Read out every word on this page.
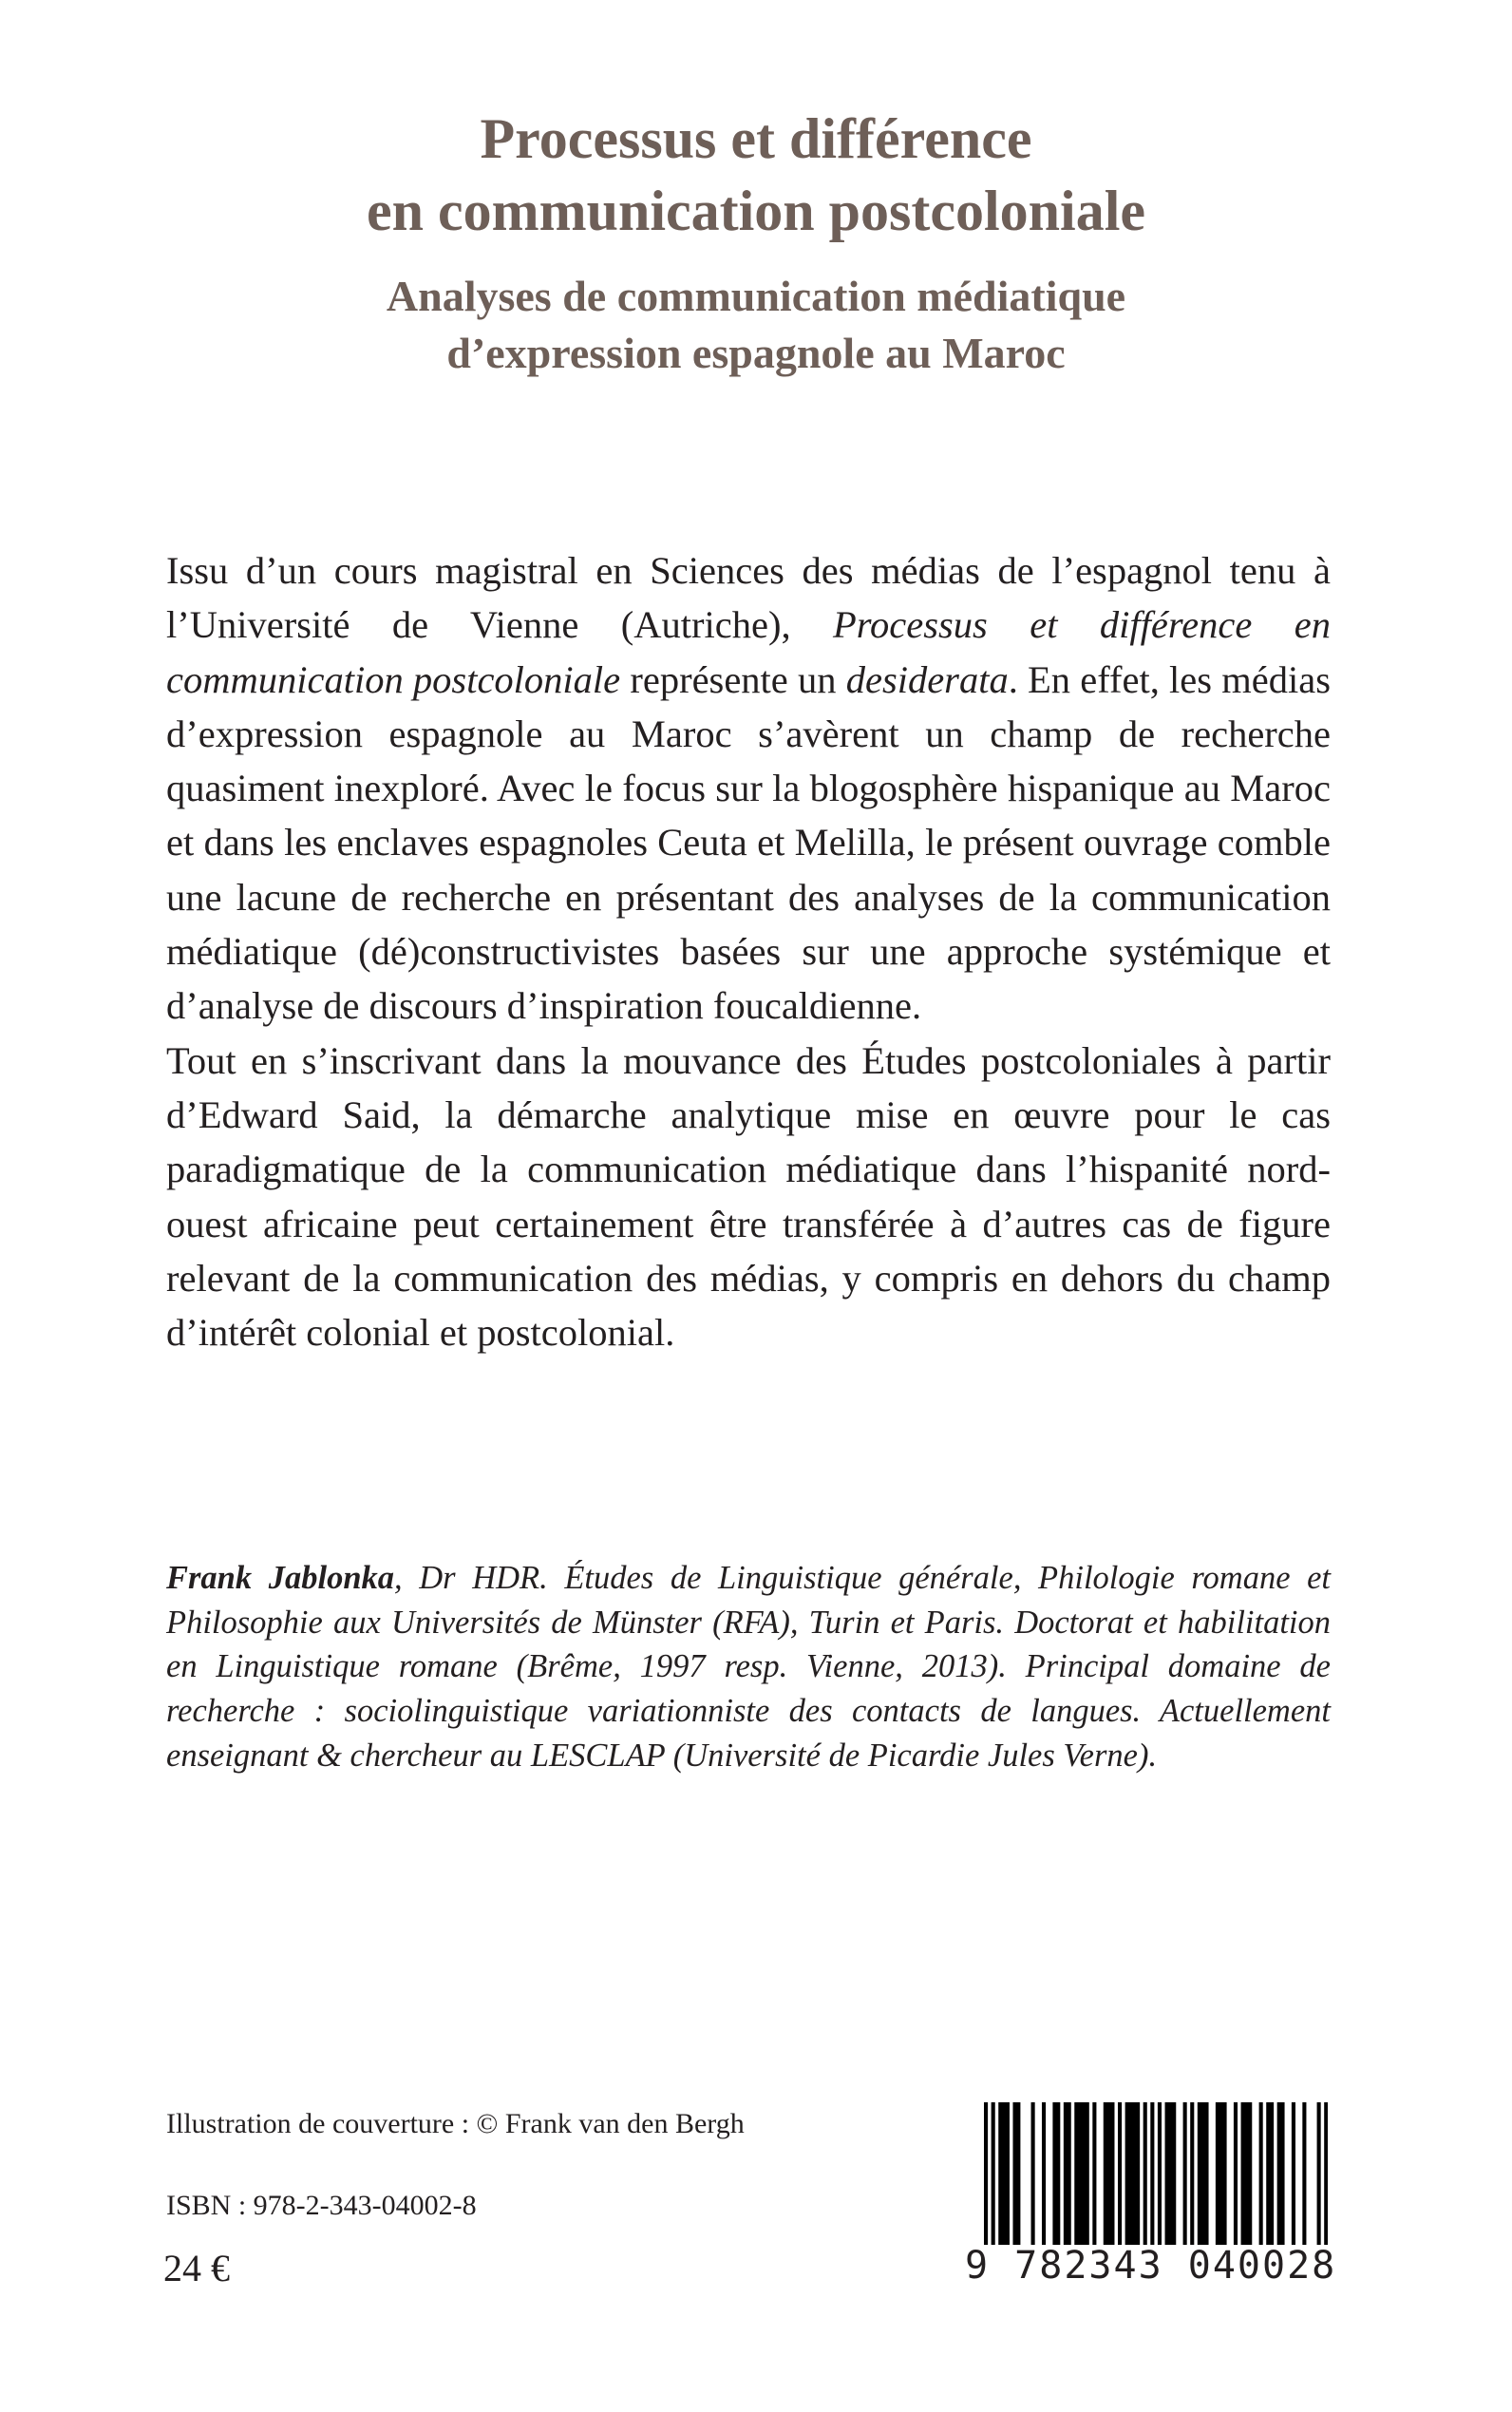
Processus et différence
en communication postcoloniale
Analyses de communication médiatique
d’expression espagnole au Maroc

Issu d’un cours magistral en Sciences des médias de l’espagnol tenu à l’Université de Vienne (Autriche), Processus et différence en communication postcoloniale représente un desiderata. En effet, les médias d’expression espagnole au Maroc s’avèrent un champ de recherche quasiment inexploré. Avec le focus sur la blogosphère hispanique au Maroc et dans les enclaves espagnoles Ceuta et Melilla, le présent ouvrage comble une lacune de recherche en présentant des analyses de la communication médiatique (dé)constructivistes basées sur une approche systémique et d’analyse de discours d’inspiration foucaldienne.

Tout en s’inscrivant dans la mouvance des Études postcoloniales à partir d’Edward Said, la démarche analytique mise en œuvre pour le cas paradigmatique de la communication médiatique dans l’hispanité nord-ouest africaine peut certainement être transférée à d’autres cas de figure relevant de la communication des médias, y compris en dehors du champ d’intérêt colonial et postcolonial.

Frank Jablonka, Dr HDR. Études de Linguistique générale, Philologie romane et Philosophie aux Universités de Münster (RFA), Turin et Paris. Doctorat et habilitation en Linguistique romane (Brême, 1997 resp. Vienne, 2013). Principal domaine de recherche : sociolinguistique variationniste des contacts de langues. Actuellement enseignant & chercheur au LESCLAP (Université de Picardie Jules Verne).
Illustration de couverture : © Frank van den Bergh
ISBN : 978-2-343-04002-8
24 €	9 782343 040028
